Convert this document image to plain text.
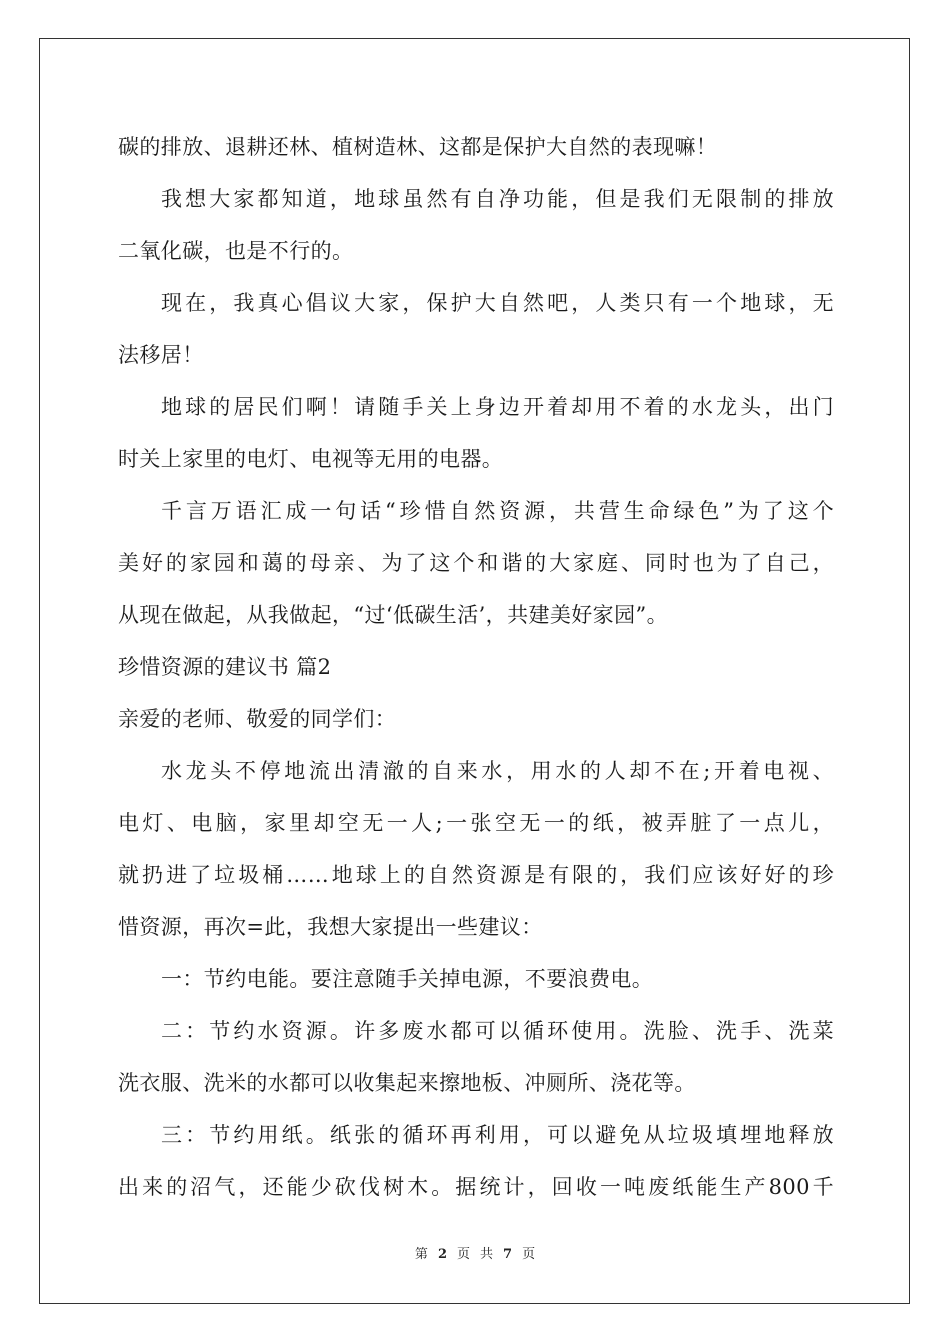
碳的排放、退耕还林、植树造林、这都是保护大自然的表现嘛！
我想大家都知道，地球虽然有自净功能，但是我们无限制的排放
二氧化碳，也是不行的。
现在，我真心倡议大家，保护大自然吧，人类只有一个地球，无
法移居！
地球的居民们啊！请随手关上身边开着却用不着的水龙头，出门
时关上家里的电灯、电视等无用的电器。
千言万语汇成一句话“珍惜自然资源，共营生命绿色”为了这个
美好的家园和蔼的母亲、为了这个和谐的大家庭、同时也为了自己，
从现在做起，从我做起，“过‘低碳生活’，共建美好家园”。
珍惜资源的建议书 篇2
亲爱的老师、敬爱的同学们：
水龙头不停地流出清澈的自来水，用水的人却不在;开着电视、
电灯、电脑，家里却空无一人;一张空无一的纸，被弄脏了一点儿，
就扔进了垃圾桶……地球上的自然资源是有限的，我们应该好好的珍
惜资源，再次=此，我想大家提出一些建议：
一：节约电能。要注意随手关掉电源，不要浪费电。
二：节约水资源。许多废水都可以循环使用。洗脸、洗手、洗菜
洗衣服、洗米的水都可以收集起来擦地板、冲厕所、浇花等。
三：节约用纸。纸张的循环再利用，可以避免从垃圾填埋地释放
出来的沼气，还能少砍伐树木。据统计，回收一吨废纸能生产800千
第 2 页 共 7 页
